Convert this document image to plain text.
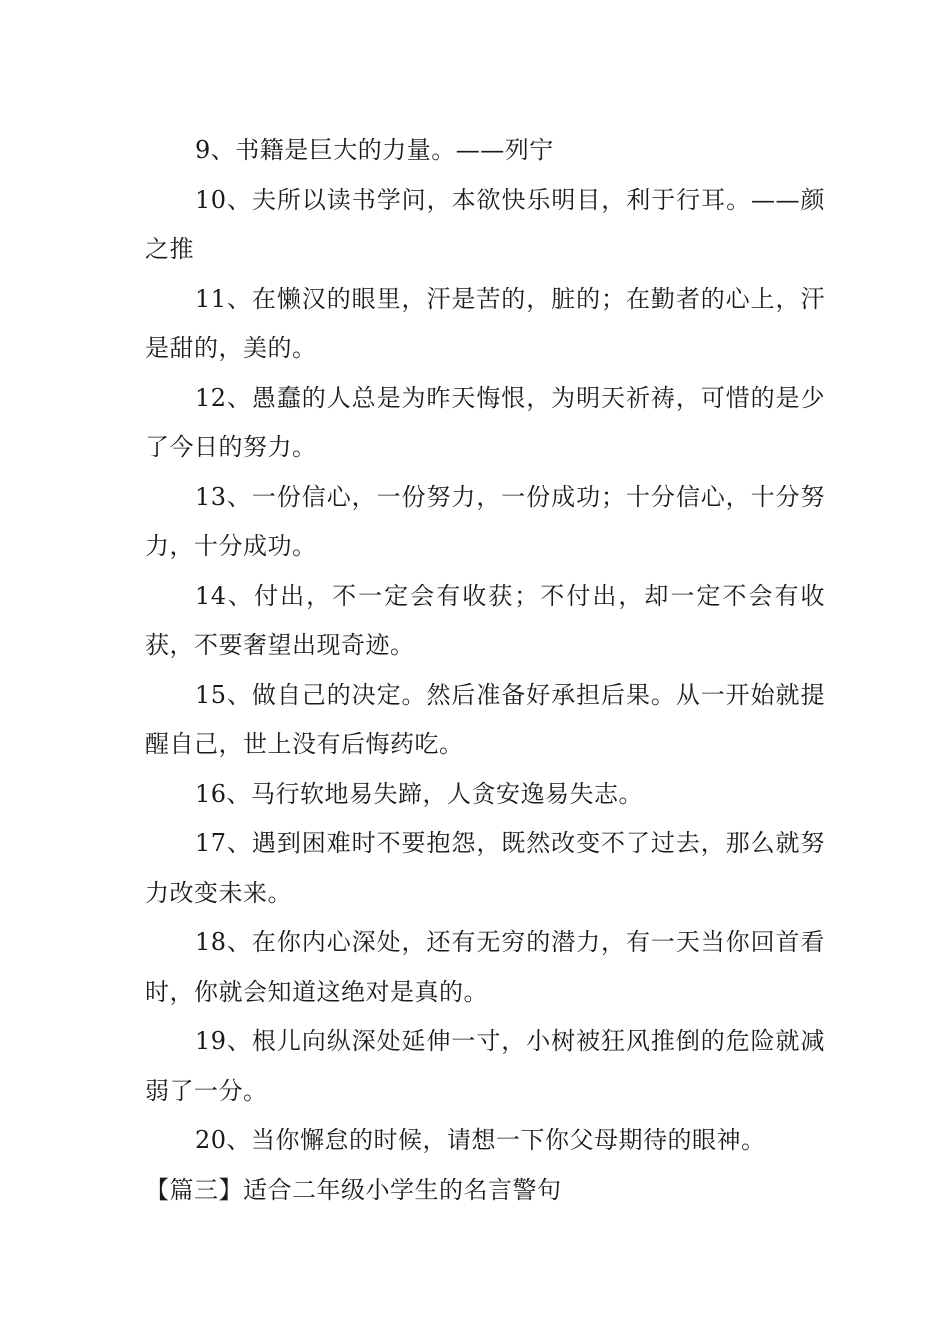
9、书籍是巨大的力量。——列宁

10、夫所以读书学问，本欲快乐明目，利于行耳。——颜之推

11、在懒汉的眼里，汗是苦的，脏的；在勤者的心上，汗是甜的，美的。

12、愚蠢的人总是为昨天悔恨，为明天祈祷，可惜的是少了今日的努力。

13、一份信心，一份努力，一份成功；十分信心，十分努力，十分成功。

14、付出，不一定会有收获；不付出，却一定不会有收获，不要奢望出现奇迹。

15、做自己的决定。然后准备好承担后果。从一开始就提醒自己，世上没有后悔药吃。

16、马行软地易失蹄，人贪安逸易失志。

17、遇到困难时不要抱怨，既然改变不了过去，那么就努力改变未来。

18、在你内心深处，还有无穷的潜力，有一天当你回首看时，你就会知道这绝对是真的。

19、根儿向纵深处延伸一寸，小树被狂风推倒的危险就减弱了一分。

20、当你懈怠的时候，请想一下你父母期待的眼神。

【篇三】适合二年级小学生的名言警句
